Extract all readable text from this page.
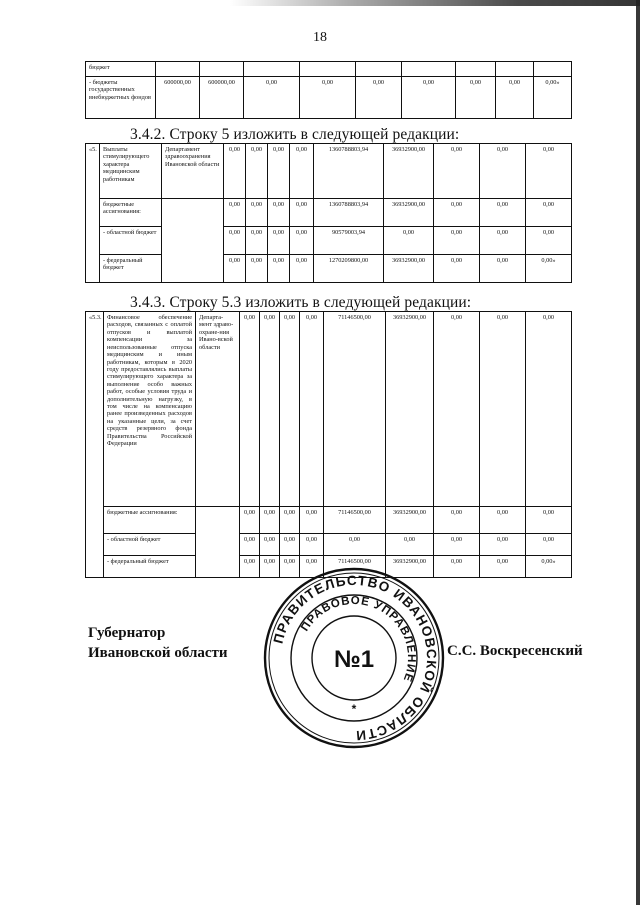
18
бюджет									
- бюджеты государственных внебюджетных фондов	600000,00	600000,00	0,00	0,00	0,00	0,00	0,00	0,00	0,00»
3.4.2. Строку 5 изложить в следующей редакции:
«5.	Выплаты стимулирующего характера медицинским работникам	Департамент здравоохранения Ивановской области	0,00	0,00	0,00	0,00	1360788803,94	36932900,00	0,00	0,00	0,00
	бюджетные ассигнования:		0,00	0,00	0,00	0,00	1360788803,94	36932900,00	0,00	0,00	0,00
	- областной бюджет		0,00	0,00	0,00	0,00	90579003,94	0,00	0,00	0,00	0,00
	- федеральный бюджет		0,00	0,00	0,00	0,00	1270209800,00	36932900,00	0,00	0,00	0,00»
3.4.3. Строку 5.3 изложить в следующей редакции:
«5.3.	Финансовое обеспечение расходов, связанных с оплатой отпусков и выплатой компенсации за неиспользованные отпуска медицинским и иным работникам, которым в 2020 году предоставлялись выплаты стимулирующего характера за выполнение особо важных работ, особые условия труда и дополнительную нагрузку, в том числе на компенсацию ранее произведенных расходов на указанные цели, за счет средств резервного фонда Правительства Российской Федерации	Департа-мент здраво-охране-ния Ивано-вской области	0,00	0,00	0,00	0,00	71146500,00	36932900,00	0,00	0,00	0,00
	бюджетные ассигнования:		0,00	0,00	0,00	0,00	71146500,00	36932900,00	0,00	0,00	0,00
	- областной бюджет		0,00	0,00	0,00	0,00	0,00	0,00	0,00	0,00	0,00
	- федеральный бюджет		0,00	0,00	0,00	0,00	71146500,00	36932900,00	0,00	0,00	0,00»
ПРАВИТЕЛЬСТВО ИВАНОВСКОЙ ОБЛАСТИ
ПРАВОВОЕ УПРАВЛЕНИЕ
№1
*
Губернатор
Ивановской области	С.С. Воскресенский
